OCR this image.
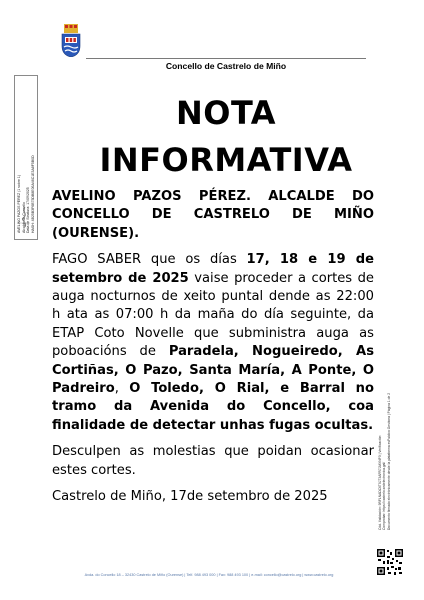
Concello de Castrelo de Miño
AVELINO PAZOS PÉREZ (1 sobre 1) Alcalde do Concello Data de Sinatura: 17/09/2025 HASH: 4B25B3F6B75DB8E06A46C1E3A8F5B0D
NOTA
INFORMATIVA

AVELINO PAZOS PÉREZ. ALCALDE DO CONCELLO DE CASTRELO DE MIÑO (OURENSE).

FAGO SABER que os días 17, 18 e 19 de setembro de 2025 vaise proceder a cortes de auga nocturnos de xeito puntal dende as 22:00 h ata as 07:00 h da maña do día seguinte, da ETAP Coto Novelle que subministra auga as poboacións de Paradela, Nogueiredo, As Cortiñas, O Pazo, Santa María, A Ponte, O Padreiro, O Toledo, O Rial, e Barral no tramo da Avenida do Concello, coa finalidade de detectar unhas fugas ocultas.

Desculpen as molestias que poidan ocasionar estes cortes.

Castrelo de Miño, 17de setembro de 2025

Avda. do Concello 18 – 32430 Castrelo de Miño (Ourense) | Telf. 988 493 000 | Fax: 988 493 100 | e-mail: concello@castrelo.org | www.castrelo.org
Cód. Validación: 9RFLNADC6T9JT3AFR7JMXNP0 | Verificación: Comprobar: https://castrelo.sedelectronica.gal/ Documento firmado electrónicamente desde la plataforma esPublico Gestiona | Página 1 de 2
